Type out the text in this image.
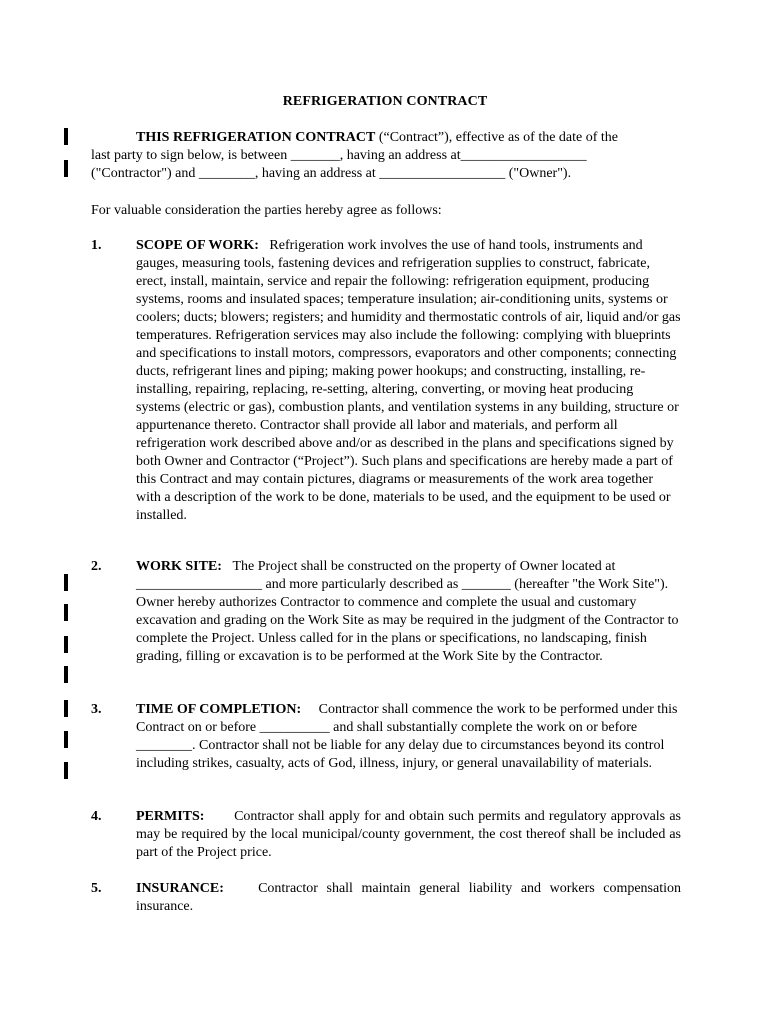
REFRIGERATION CONTRACT

THIS REFRIGERATION CONTRACT (“Contract”), effective as of the date of the

last party to sign below, is between _______, having an address at__________________

("Contractor") and ________, having an address at __________________ ("Owner").

For valuable consideration the parties hereby agree as follows:
1.	SCOPE OF WORK: Refrigeration work involves the use of hand tools, instruments and gauges, measuring tools, fastening devices and refrigeration supplies to construct, fabricate, erect, install, maintain, service and repair the following: refrigeration equipment, producing systems, rooms and insulated spaces; temperature insulation; air-conditioning units, systems or coolers; ducts; blowers; registers; and humidity and thermostatic controls of air, liquid and/or gas temperatures. Refrigeration services may also include the following: complying with blueprints and specifications to install motors, compressors, evaporators and other components; connecting ducts, refrigerant lines and piping; making power hookups; and constructing, installing, re-installing, repairing, replacing, re-setting, altering, converting, or moving heat producing systems (electric or gas), combustion plants, and ventilation systems in any building, structure or appurtenance thereto. Contractor shall provide all labor and materials, and perform all refrigeration work described above and/or as described in the plans and specifications signed by both Owner and Contractor (“Project”). Such plans and specifications are hereby made a part of this Contract and may contain pictures, diagrams or measurements of the work area together with a description of the work to be done, materials to be used, and the equipment to be used or installed.
2.	WORK SITE: The Project shall be constructed on the property of Owner located at __________________ and more particularly described as _______ (hereafter "the Work Site"). Owner hereby authorizes Contractor to commence and complete the usual and customary excavation and grading on the Work Site as may be required in the judgment of the Contractor to complete the Project. Unless called for in the plans or specifications, no landscaping, finish grading, filling or excavation is to be performed at the Work Site by the Contractor.
3.	TIME OF COMPLETION: Contractor shall commence the work to be performed under this Contract on or before __________ and shall substantially complete the work on or before ________. Contractor shall not be liable for any delay due to circumstances beyond its control including strikes, casualty, acts of God, illness, injury, or general unavailability of materials.
4.	PERMITS: Contractor shall apply for and obtain such permits and regulatory approvals as may be required by the local municipal/county government, the cost thereof shall be included as part of the Project price.
5.	INSURANCE: Contractor shall maintain general liability and workers compensation insurance.
